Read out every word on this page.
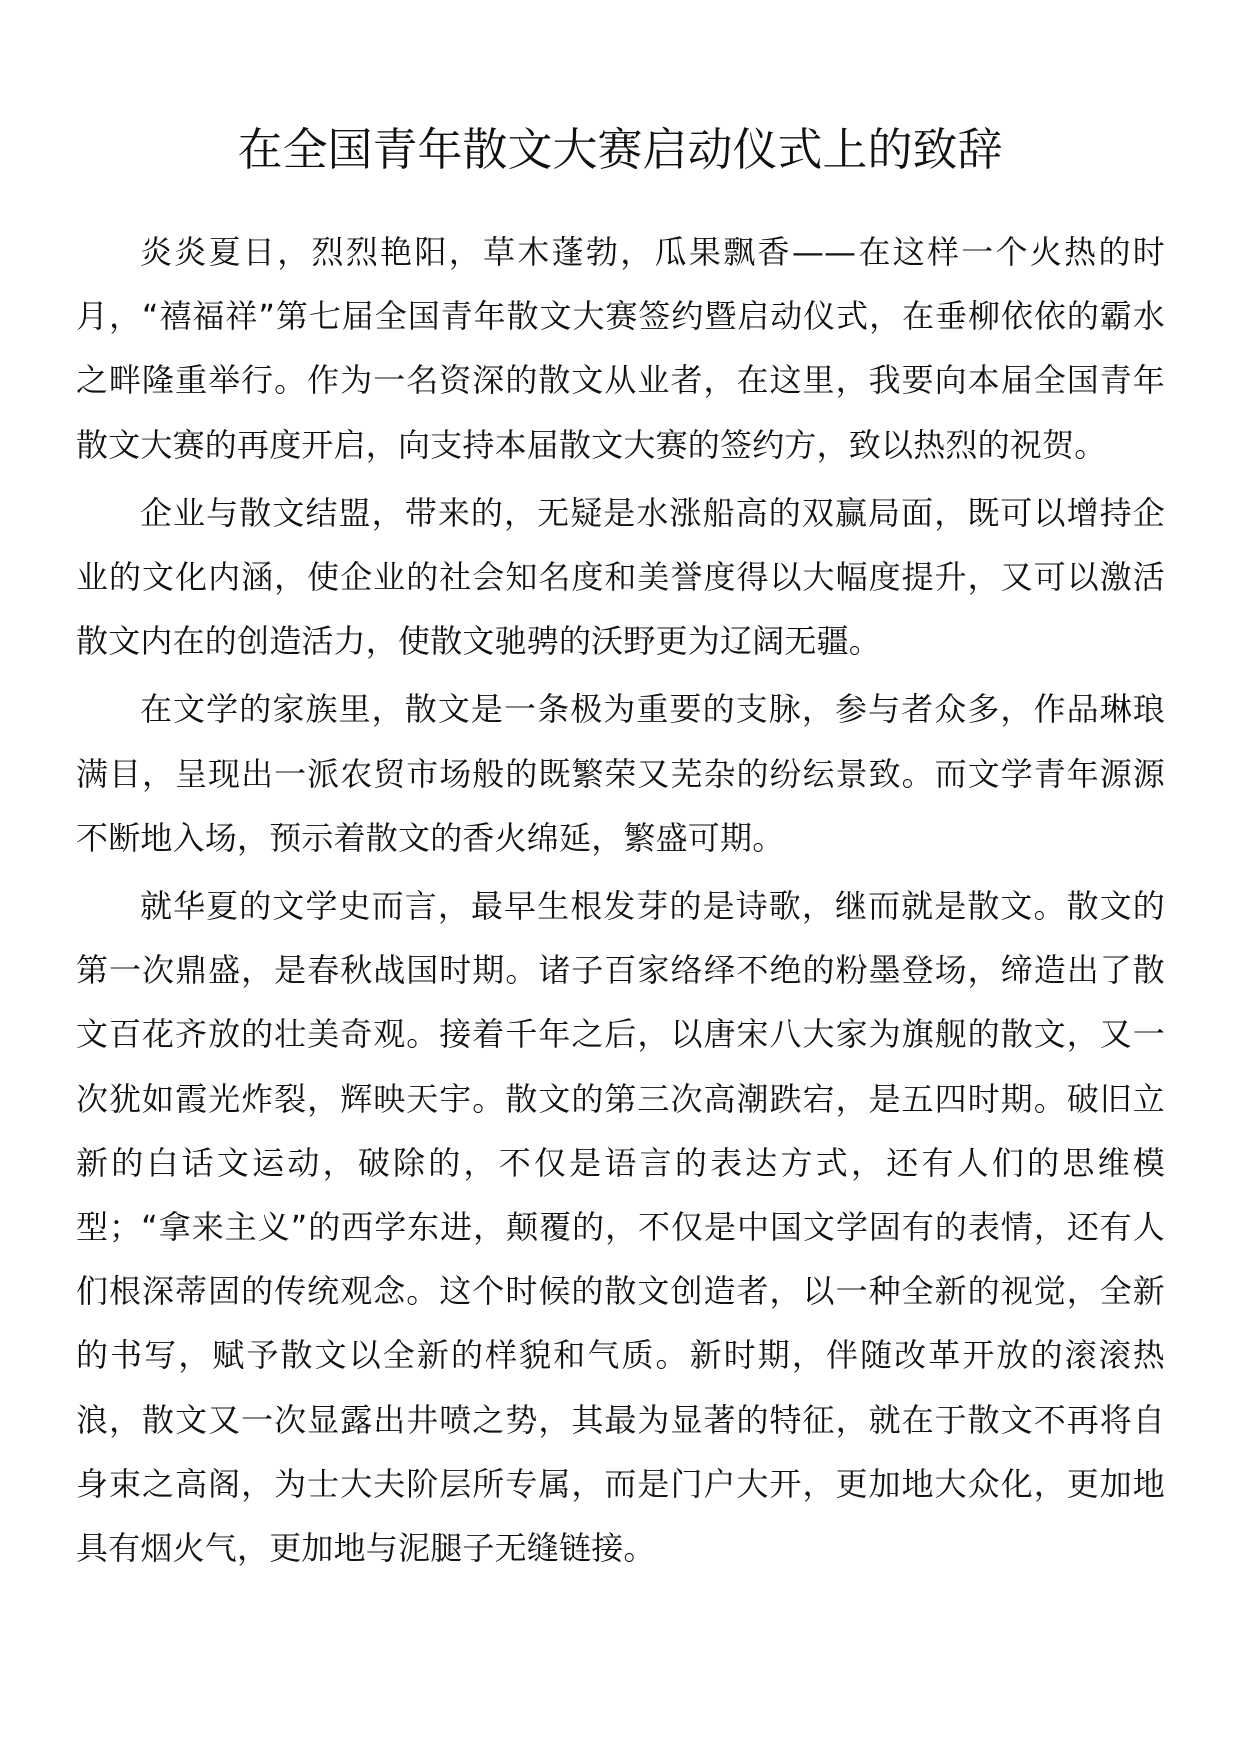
在全国青年散文大赛启动仪式上的致辞

炎炎夏日，烈烈艳阳，草木蓬勃，瓜果飘香——在这样一个火热的时月，“禧福祥”第七届全国青年散文大赛签约暨启动仪式，在垂柳依依的霸水之畔隆重举行。作为一名资深的散文从业者，在这里，我要向本届全国青年散文大赛的再度开启，向支持本届散文大赛的签约方，致以热烈的祝贺。

企业与散文结盟，带来的，无疑是水涨船高的双赢局面，既可以增持企业的文化内涵，使企业的社会知名度和美誉度得以大幅度提升，又可以激活散文内在的创造活力，使散文驰骋的沃野更为辽阔无疆。

在文学的家族里，散文是一条极为重要的支脉，参与者众多，作品琳琅满目，呈现出一派农贸市场般的既繁荣又芜杂的纷纭景致。而文学青年源源不断地入场，预示着散文的香火绵延，繁盛可期。

就华夏的文学史而言，最早生根发芽的是诗歌，继而就是散文。散文的第一次鼎盛，是春秋战国时期。诸子百家络绎不绝的粉墨登场，缔造出了散文百花齐放的壮美奇观。接着千年之后，以唐宋八大家为旗舰的散文，又一次犹如霞光炸裂，辉映天宇。散文的第三次高潮跌宕，是五四时期。破旧立新的白话文运动，破除的，不仅是语言的表达方式，还有人们的思维模型；“拿来主义”的西学东进，颠覆的，不仅是中国文学固有的表情，还有人们根深蒂固的传统观念。这个时候的散文创造者，以一种全新的视觉，全新的书写，赋予散文以全新的样貌和气质。新时期，伴随改革开放的滚滚热浪，散文又一次显露出井喷之势，其最为显著的特征，就在于散文不再将自身束之高阁，为士大夫阶层所专属，而是门户大开，更加地大众化，更加地具有烟火气，更加地与泥腿子无缝链接。
